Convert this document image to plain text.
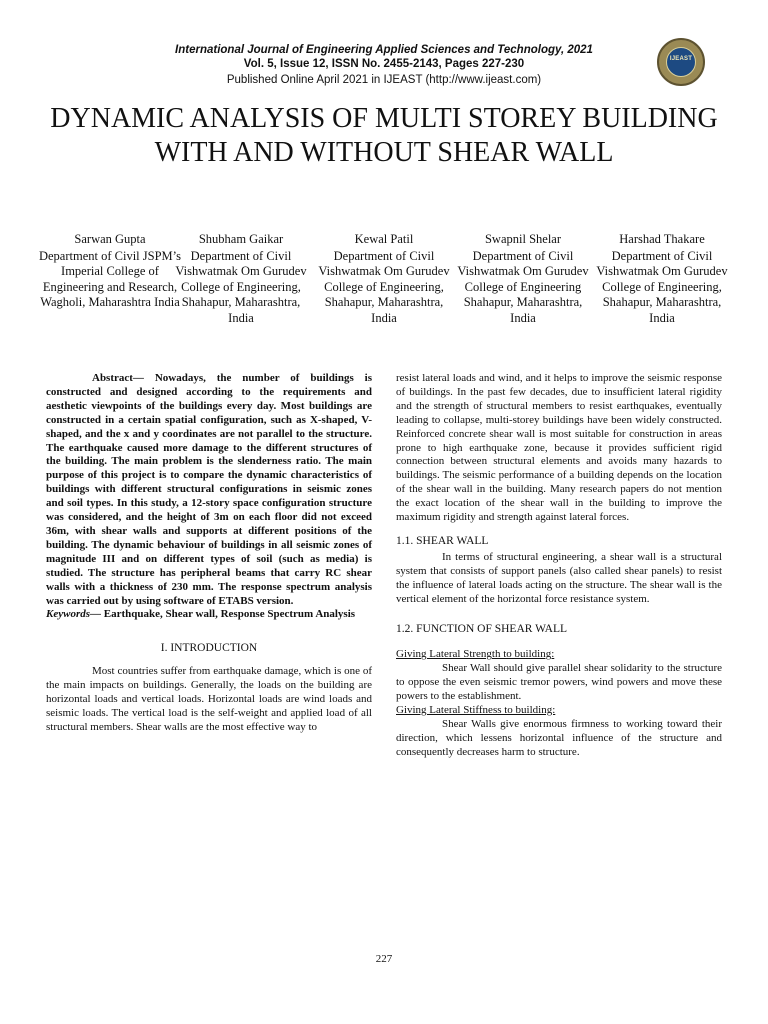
International Journal of Engineering Applied Sciences and Technology, 2021
Vol. 5, Issue 12, ISSN No. 2455-2143, Pages 227-230
Published Online April 2021 in IJEAST (http://www.ijeast.com)
IJEAST
DYNAMIC ANALYSIS OF MULTI STOREY BUILDING WITH AND WITHOUT SHEAR WALL
Sarwan Gupta
Department of Civil JSPM’s Imperial College of Engineering and Research, Wagholi, Maharashtra India
Shubham Gaikar
Department of Civil Vishwatmak Om Gurudev College of Engineering, Shahapur, Maharashtra, India
Kewal Patil
Department of Civil Vishwatmak Om Gurudev College of Engineering, Shahapur, Maharashtra, India
Swapnil Shelar
Department of Civil Vishwatmak Om Gurudev College of Engineering Shahapur, Maharashtra, India
Harshad Thakare
Department of Civil Vishwatmak Om Gurudev College of Engineering, Shahapur, Maharashtra, India

Abstract— Nowadays, the number of buildings is constructed and designed according to the requirements and aesthetic viewpoints of the buildings every day. Most buildings are constructed in a certain spatial configuration, such as X-shaped, V-shaped, and the x and y coordinates are not parallel to the structure. The earthquake caused more damage to the different structures of the building. The main problem is the slenderness ratio. The main purpose of this project is to compare the dynamic characteristics of buildings with different structural configurations in seismic zones and soil types. In this study, a 12-story space configuration structure was considered, and the height of 3m on each floor did not exceed 36m, with shear walls and supports at different positions of the building. The dynamic behaviour of buildings in all seismic zones of magnitude III and on different types of soil (such as media) is studied. The structure has peripheral beams that carry RC shear walls with a thickness of 230 mm. The response spectrum analysis was carried out by using software of ETABS version.

Keywords— Earthquake, Shear wall, Response Spectrum Analysis

I. INTRODUCTION

Most countries suffer from earthquake damage, which is one of the main impacts on buildings. Generally, the loads on the building are horizontal loads and vertical loads. Horizontal loads are wind loads and seismic loads. The vertical load is the self-weight and applied load of all structural members. Shear walls are the most effective way to

resist lateral loads and wind, and it helps to improve the seismic response of buildings. In the past few decades, due to insufficient lateral rigidity and the strength of structural members to resist earthquakes, eventually leading to collapse, multi-storey buildings have been widely constructed. Reinforced concrete shear wall is most suitable for construction in areas prone to high earthquake zone, because it provides sufficient rigid connection between structural elements and avoids many hazards to buildings. The seismic performance of a building depends on the location of the shear wall in the building. Many research papers do not mention the exact location of the shear wall in the building to improve the maximum rigidity and strength against lateral forces.

1.1. SHEAR WALL

In terms of structural engineering, a shear wall is a structural system that consists of support panels (also called shear panels) to resist the influence of lateral loads acting on the structure. The shear wall is the vertical element of the horizontal force resistance system.

1.2. FUNCTION OF SHEAR WALL

Giving Lateral Strength to building:

Shear Wall should give parallel shear solidarity to the structure to oppose the even seismic tremor powers, wind powers and move these powers to the establishment.

Giving Lateral Stiffness to building:

Shear Walls give enormous firmness to working toward their direction, which lessens horizontal influence of the structure and consequently decreases harm to structure.

227
